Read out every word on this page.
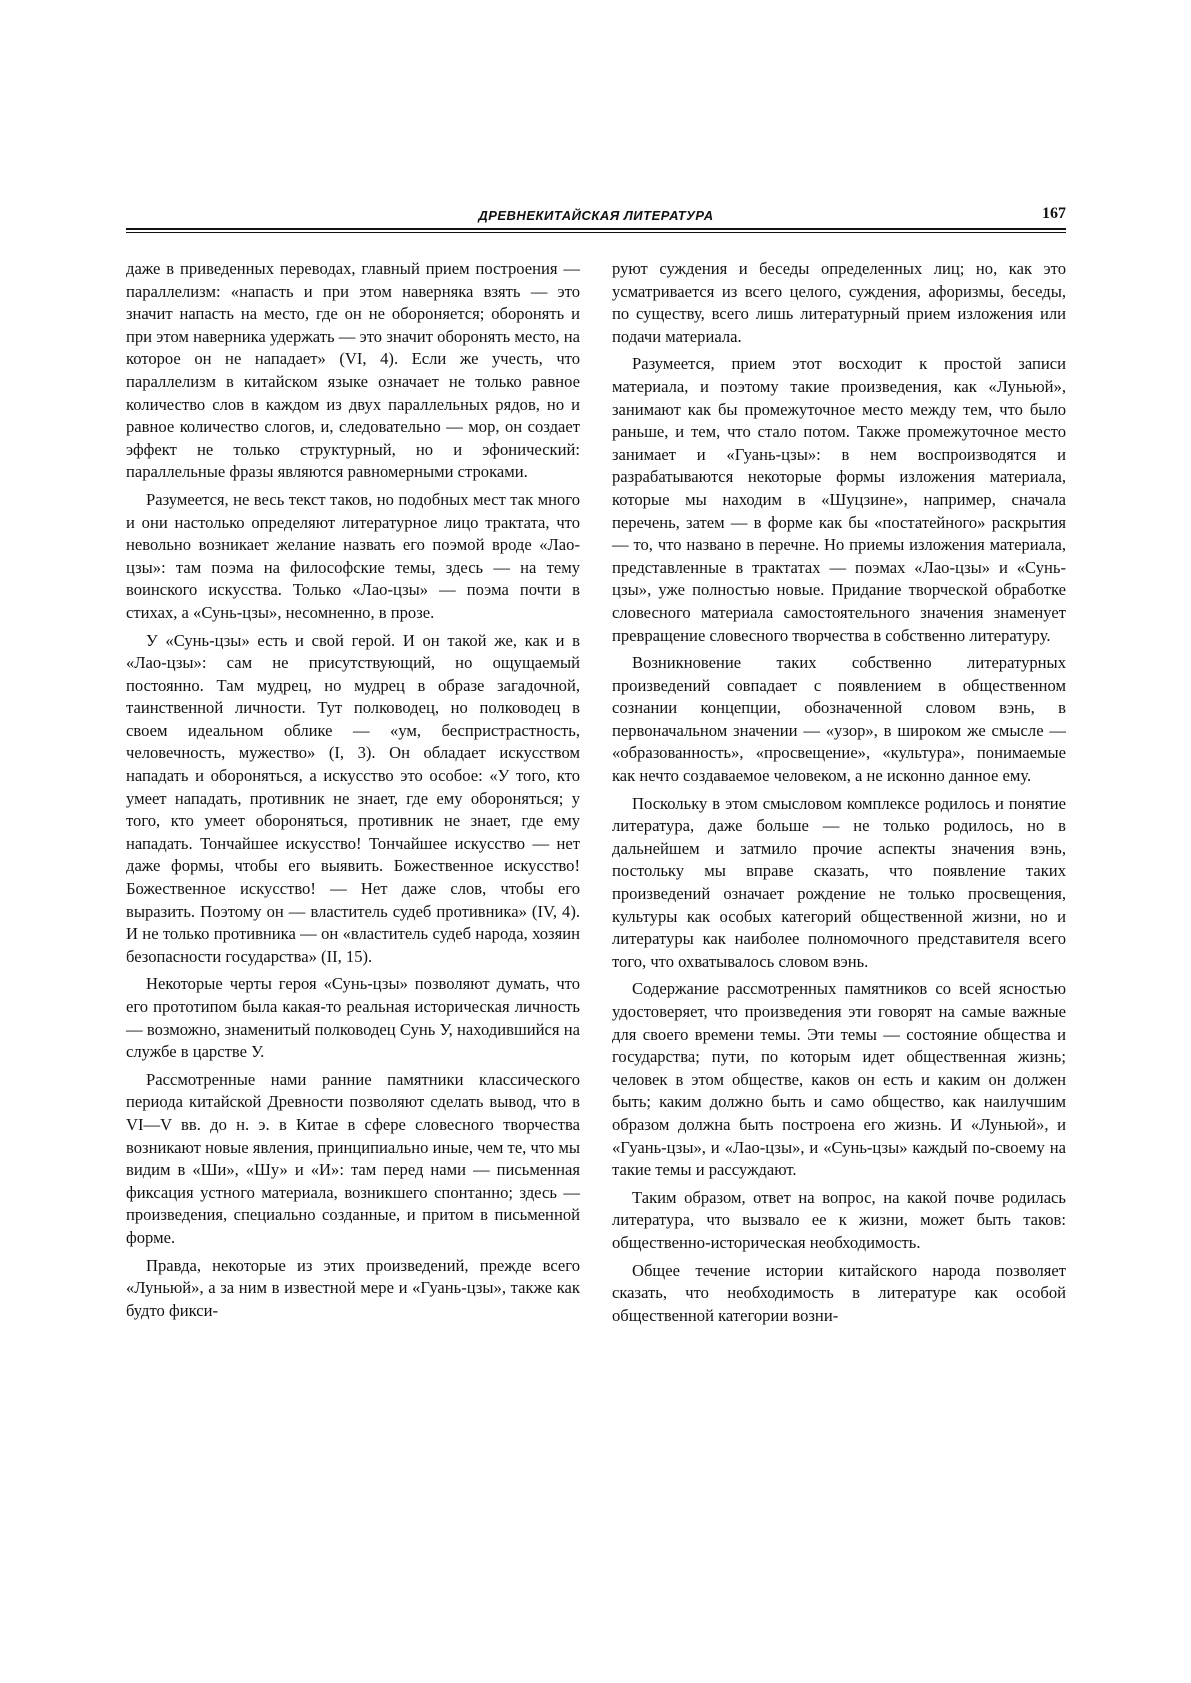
ДРЕВНЕКИТАЙСКАЯ ЛИТЕРАТУРА	167

даже в приведенных переводах, главный прием построения — параллелизм: «напасть и при этом наверняка взять — это значит напасть на место, где он не обороняется; оборонять и при этом наверника удержать — это значит оборонять место, на которое он не нападает» (VI, 4). Если же учесть, что параллелизм в китайском языке означает не только равное количество слов в каждом из двух параллельных рядов, но и равное количество слогов, и, следовательно — мор, он создает эффект не только структурный, но и эфонический: параллельные фразы являются равномерными строками.

Разумеется, не весь текст таков, но подобных мест так много и они настолько определяют литературное лицо трактата, что невольно возникает желание назвать его поэмой вроде «Лао-цзы»: там поэма на философские темы, здесь — на тему воинского искусства. Только «Лао-цзы» — поэма почти в стихах, а «Сунь-цзы», несомненно, в прозе.

У «Сунь-цзы» есть и свой герой. И он такой же, как и в «Лао-цзы»: сам не присутствующий, но ощущаемый постоянно. Там мудрец, но мудрец в образе загадочной, таинственной личности. Тут полководец, но полководец в своем идеальном облике — «ум, беспристрастность, человечность, мужество» (I, 3). Он обладает искусством нападать и обороняться, а искусство это особое: «У того, кто умеет нападать, противник не знает, где ему обороняться; у того, кто умеет обороняться, противник не знает, где ему нападать. Тончайшее искусство! Тончайшее искусство — нет даже формы, чтобы его выявить. Божественное искусство! Божественное искусство! — Нет даже слов, чтобы его выразить. Поэтому он — властитель судеб противника» (IV, 4). И не только противника — он «властитель судеб народа, хозяин безопасности государства» (II, 15).

Некоторые черты героя «Сунь-цзы» позволяют думать, что его прототипом была какая-то реальная историческая личность — возможно, знаменитый полководец Сунь У, находившийся на службе в царстве У.

Рассмотренные нами ранние памятники классического периода китайской Древности позволяют сделать вывод, что в VI—V вв. до н. э. в Китае в сфере словесного творчества возникают новые явления, принципиально иные, чем те, что мы видим в «Ши», «Шу» и «И»: там перед нами — письменная фиксация устного материала, возникшего спонтанно; здесь — произведения, специально созданные, и притом в письменной форме.

Правда, некоторые из этих произведений, прежде всего «Луньюй», а за ним в известной мере и «Гуань-цзы», также как будто фикси-

руют суждения и беседы определенных лиц; но, как это усматривается из всего целого, суждения, афоризмы, беседы, по существу, всего лишь литературный прием изложения или подачи материала.

Разумеется, прием этот восходит к простой записи материала, и поэтому такие произведения, как «Луньюй», занимают как бы промежуточное место между тем, что было раньше, и тем, что стало потом. Также промежуточное место занимает и «Гуань-цзы»: в нем воспроизводятся и разрабатываются некоторые формы изложения материала, которые мы находим в «Шуцзине», например, сначала перечень, затем — в форме как бы «постатейного» раскрытия — то, что названо в перечне. Но приемы изложения материала, представленные в трактатах — поэмах «Лао-цзы» и «Сунь-цзы», уже полностью новые. Придание творческой обработке словесного материала самостоятельного значения знаменует превращение словесного творчества в собственно литературу.

Возникновение таких собственно литературных произведений совпадает с появлением в общественном сознании концепции, обозначенной словом вэнь, в первоначальном значении — «узор», в широком же смысле — «образованность», «просвещение», «культура», понимаемые как нечто создаваемое человеком, а не исконно данное ему.

Поскольку в этом смысловом комплексе родилось и понятие литература, даже больше — не только родилось, но в дальнейшем и затмило прочие аспекты значения вэнь, постольку мы вправе сказать, что появление таких произведений означает рождение не только просвещения, культуры как особых категорий общественной жизни, но и литературы как наиболее полномочного представителя всего того, что охватывалось словом вэнь.

Содержание рассмотренных памятников со всей ясностью удостоверяет, что произведения эти говорят на самые важные для своего времени темы. Эти темы — состояние общества и государства; пути, по которым идет общественная жизнь; человек в этом обществе, каков он есть и каким он должен быть; каким должно быть и само общество, как наилучшим образом должна быть построена его жизнь. И «Луньюй», и «Гуань-цзы», и «Лао-цзы», и «Сунь-цзы» каждый по-своему на такие темы и рассуждают.

Таким образом, ответ на вопрос, на какой почве родилась литература, что вызвало ее к жизни, может быть таков: общественно-историческая необходимость.

Общее течение истории китайского народа позволяет сказать, что необходимость в литературе как особой общественной категории возни-
